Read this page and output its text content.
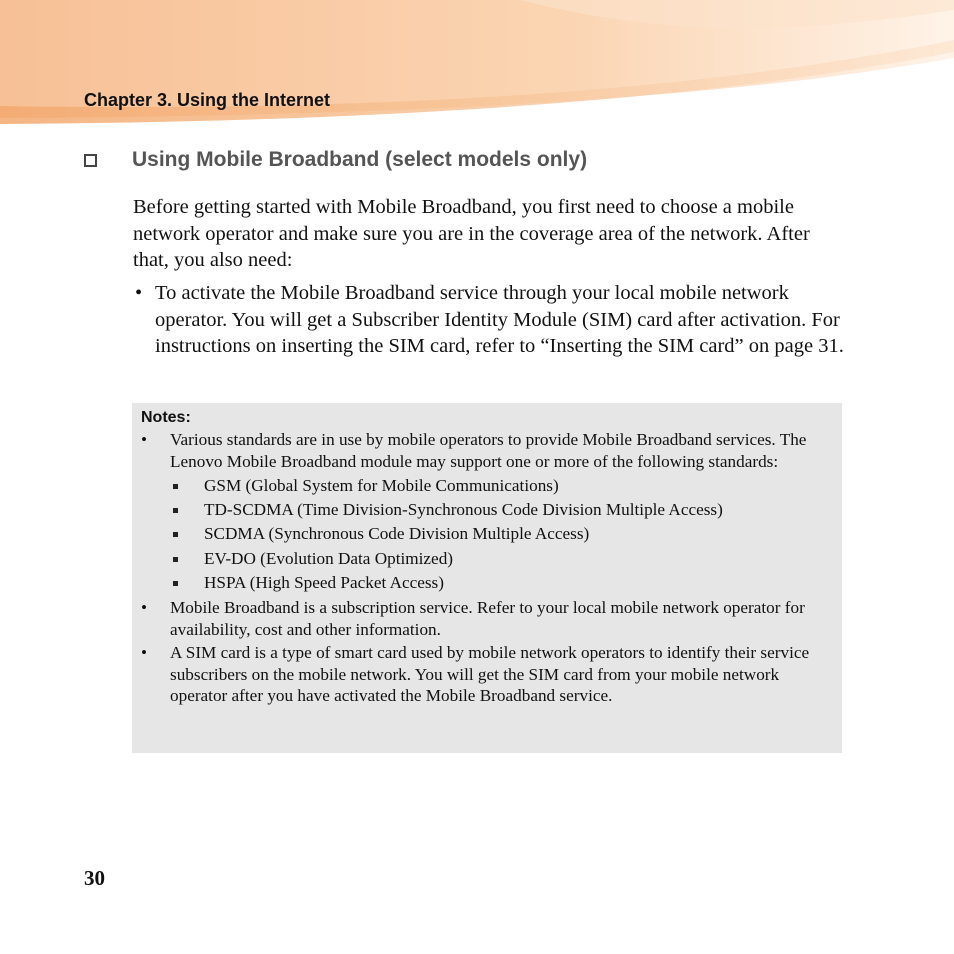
Chapter 3. Using the Internet
Using Mobile Broadband (select models only)

Before getting started with Mobile Broadband, you first need to choose a mobile network operator and make sure you are in the coverage area of the network. After that, you also need:

• To activate the Mobile Broadband service through your local mobile network operator. You will get a Subscriber Identity Module (SIM) card after activation. For instructions on inserting the SIM card, refer to “Inserting the SIM card” on page 31.
Notes:
• Various standards are in use by mobile operators to provide Mobile Broadband services. The Lenovo Mobile Broadband module may support one or more of the following standards:
GSM (Global System for Mobile Communications)
TD-SCDMA (Time Division-Synchronous Code Division Multiple Access)
SCDMA (Synchronous Code Division Multiple Access)
EV-DO (Evolution Data Optimized)
HSPA (High Speed Packet Access)
• Mobile Broadband is a subscription service. Refer to your local mobile network operator for availability, cost and other information.
• A SIM card is a type of smart card used by mobile network operators to identify their service subscribers on the mobile network. You will get the SIM card from your mobile network operator after you have activated the Mobile Broadband service.
30
